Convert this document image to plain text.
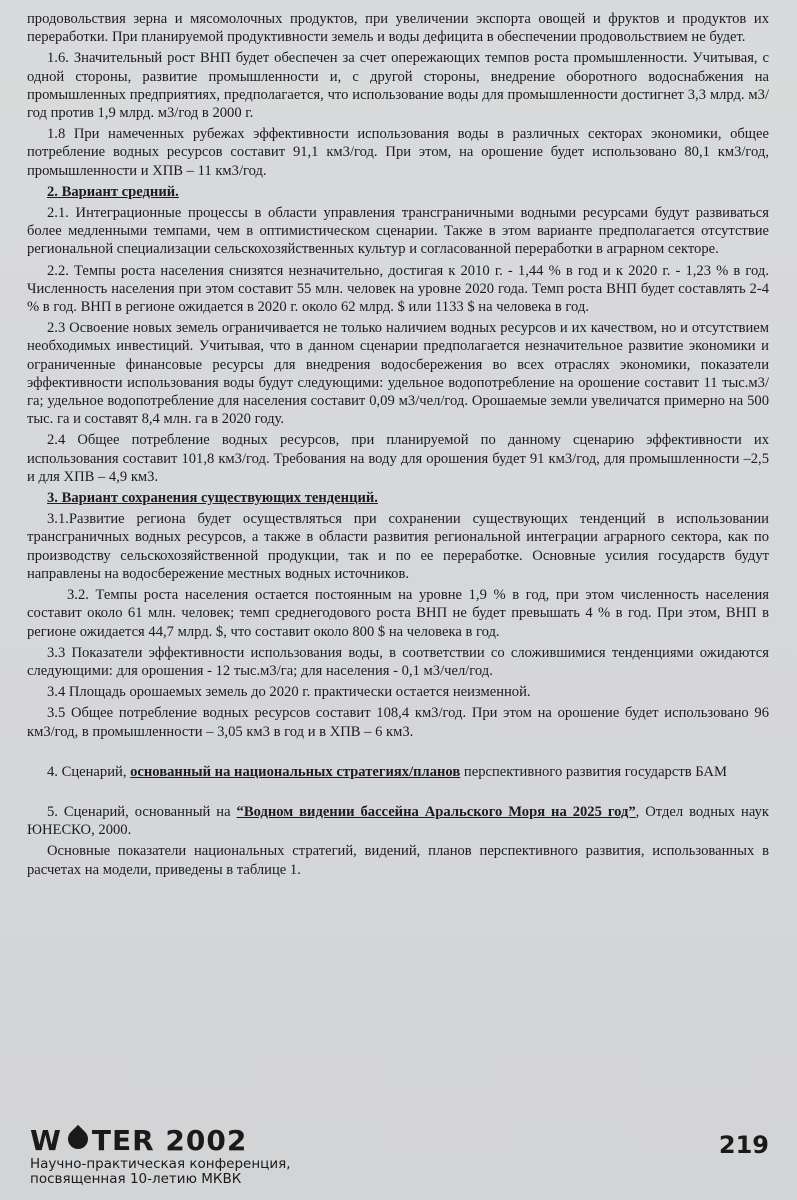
продовольствия зерна и мясомолочных продуктов, при увеличении экспорта овощей и фруктов и продуктов их переработки. При планируемой продуктивности земель и воды дефицита в обеспечении продовольствием не будет.

1.6. Значительный рост ВНП будет обеспечен за счет опережающих темпов роста промышленности. Учитывая, с одной стороны, развитие промышленности и, с другой стороны, внедрение оборотного водоснабжения на промышленных предприятиях, предполагается, что использование воды для промышленности достигнет 3,3 млрд. м3/год против 1,9 млрд. м3/год в 2000 г.

1.8 При намеченных рубежах эффективности использования воды в различных секторах экономики, общее потребление водных ресурсов составит 91,1 км3/год. При этом, на орошение будет использовано 80,1 км3/год, промышленности и ХПВ – 11 км3/год.

2. Вариант средний.

2.1. Интеграционные процессы в области управления трансграничными водными ресурсами будут развиваться более медленными темпами, чем в оптимистическом сценарии. Также в этом варианте предполагается отсутствие региональной специализации сельскохозяйственных культур и согласованной переработки в аграрном секторе.

2.2. Темпы роста населения снизятся незначительно, достигая к 2010 г. - 1,44 % в год и к 2020 г. - 1,23 % в год. Численность населения при этом составит 55 млн. человек на уровне 2020 года. Темп роста ВНП будет составлять 2-4 % в год. ВНП в регионе ожидается в 2020 г. около 62 млрд. $ или 1133 $ на человека в год.

2.3 Освоение новых земель ограничивается не только наличием водных ресурсов и их качеством, но и отсутствием необходимых инвестиций. Учитывая, что в данном сценарии предполагается незначительное развитие экономики и ограниченные финансовые ресурсы для внедрения водосбережения во всех отраслях экономики, показатели эффективности использования воды будут следующими: удельное водопотребление на орошение составит 11 тыс.м3/га; удельное водопотребление для населения составит 0,09 м3/чел/год. Орошаемые земли увеличатся примерно на 500 тыс. га и составят 8,4 млн. га в 2020 году.

2.4 Общее потребление водных ресурсов, при планируемой по данному сценарию эффективности их использования составит 101,8 км3/год. Требования на воду для орошения будет 91 км3/год, для промышленности –2,5 и для ХПВ – 4,9 км3.

3. Вариант сохранения существующих тенденций.

3.1.Развитие региона будет осуществляться при сохранении существующих тенденций в использовании трансграничных водных ресурсов, а также в области развития региональной интеграции аграрного сектора, как по производству сельскохозяйственной продукции, так и по ее переработке. Основные усилия государств будут направлены на водосбережение местных водных источников.

3.2. Темпы роста населения остается постоянным на уровне 1,9 % в год, при этом численность населения составит около 61 млн. человек; темп среднегодового роста ВНП не будет превышать 4 % в год. При этом, ВНП в регионе ожидается 44,7 млрд. $, что составит около 800 $ на человека в год.

3.3 Показатели эффективности использования воды, в соответствии со сложившимися тенденциями ожидаются следующими: для орошения - 12 тыс.м3/га; для населения - 0,1 м3/чел/год.

3.4 Площадь орошаемых земель до 2020 г. практически остается неизменной.

3.5 Общее потребление водных ресурсов составит 108,4 км3/год. При этом на орошение будет использовано 96 км3/год, в промышленности – 3,05 км3 в год и в ХПВ – 6 км3.

4. Сценарий, основанный на национальных стратегиях/планов перспективного развития государств БАМ

5. Сценарий, основанный на “Водном видении бассейна Аральского Моря на 2025 год”, Отдел водных наук ЮНЕСКО, 2000.

Основные показатели национальных стратегий, видений, планов перспективного развития, использованных в расчетах на модели, приведены в таблице 1.

W TER 2002
Научно-практическая конференция,
посвященная 10-летию МКВК
219
